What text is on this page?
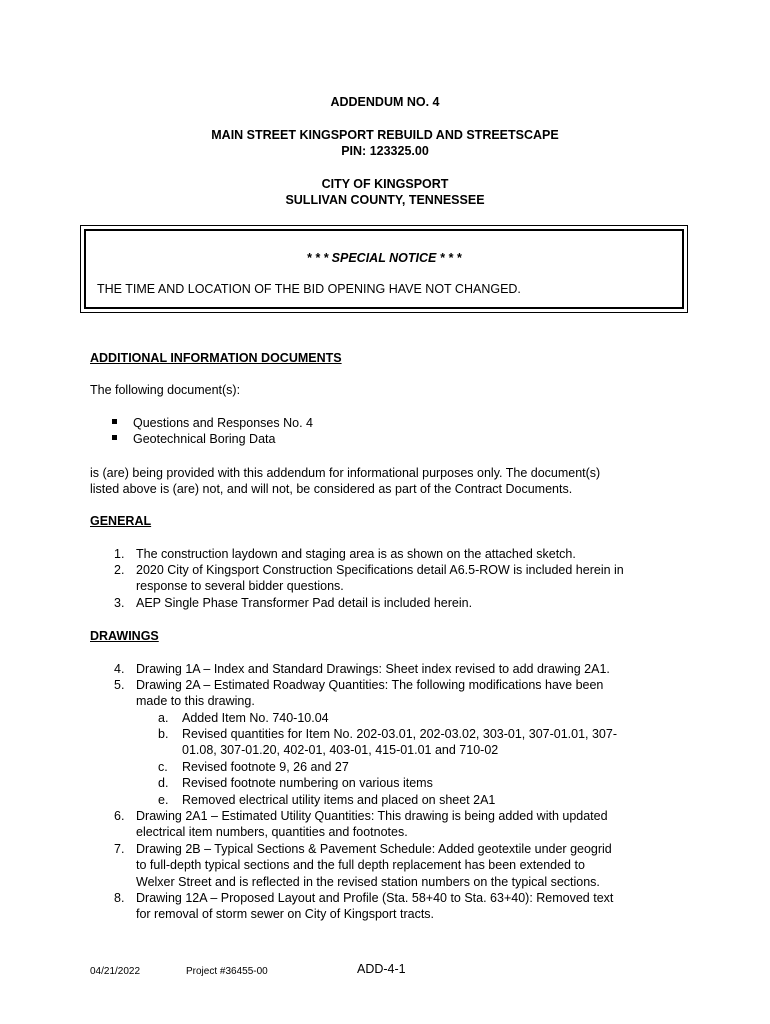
ADDENDUM NO. 4
MAIN STREET KINGSPORT REBUILD AND STREETSCAPE
PIN: 123325.00
CITY OF KINGSPORT
SULLIVAN COUNTY, TENNESSEE
* * * SPECIAL NOTICE * * *
THE TIME AND LOCATION OF THE BID OPENING HAVE NOT CHANGED.
ADDITIONAL INFORMATION DOCUMENTS
The following document(s):
Questions and Responses No. 4
Geotechnical Boring Data
is (are) being provided with this addendum for informational purposes only. The document(s)
listed above is (are) not, and will not, be considered as part of the Contract Documents.
GENERAL
1. The construction laydown and staging area is as shown on the attached sketch.
2. 2020 City of Kingsport Construction Specifications detail A6.5-ROW is included herein in
response to several bidder questions.
3. AEP Single Phase Transformer Pad detail is included herein.
DRAWINGS
4. Drawing 1A – Index and Standard Drawings: Sheet index revised to add drawing 2A1.
5. Drawing 2A – Estimated Roadway Quantities: The following modifications have been
made to this drawing.
a. Added Item No. 740-10.04
b. Revised quantities for Item No. 202-03.01, 202-03.02, 303-01, 307-01.01, 307-
01.08, 307-01.20, 402-01, 403-01, 415-01.01 and 710-02
c. Revised footnote 9, 26 and 27
d. Revised footnote numbering on various items
e. Removed electrical utility items and placed on sheet 2A1
6. Drawing 2A1 – Estimated Utility Quantities: This drawing is being added with updated
electrical item numbers, quantities and footnotes.
7. Drawing 2B – Typical Sections & Pavement Schedule: Added geotextile under geogrid
to full-depth typical sections and the full depth replacement has been extended to
Welxer Street and is reflected in the revised station numbers on the typical sections.
8. Drawing 12A – Proposed Layout and Profile (Sta. 58+40 to Sta. 63+40): Removed text
for removal of storm sewer on City of Kingsport tracts.
04/21/2022	Project #36455-00	ADD-4-1
